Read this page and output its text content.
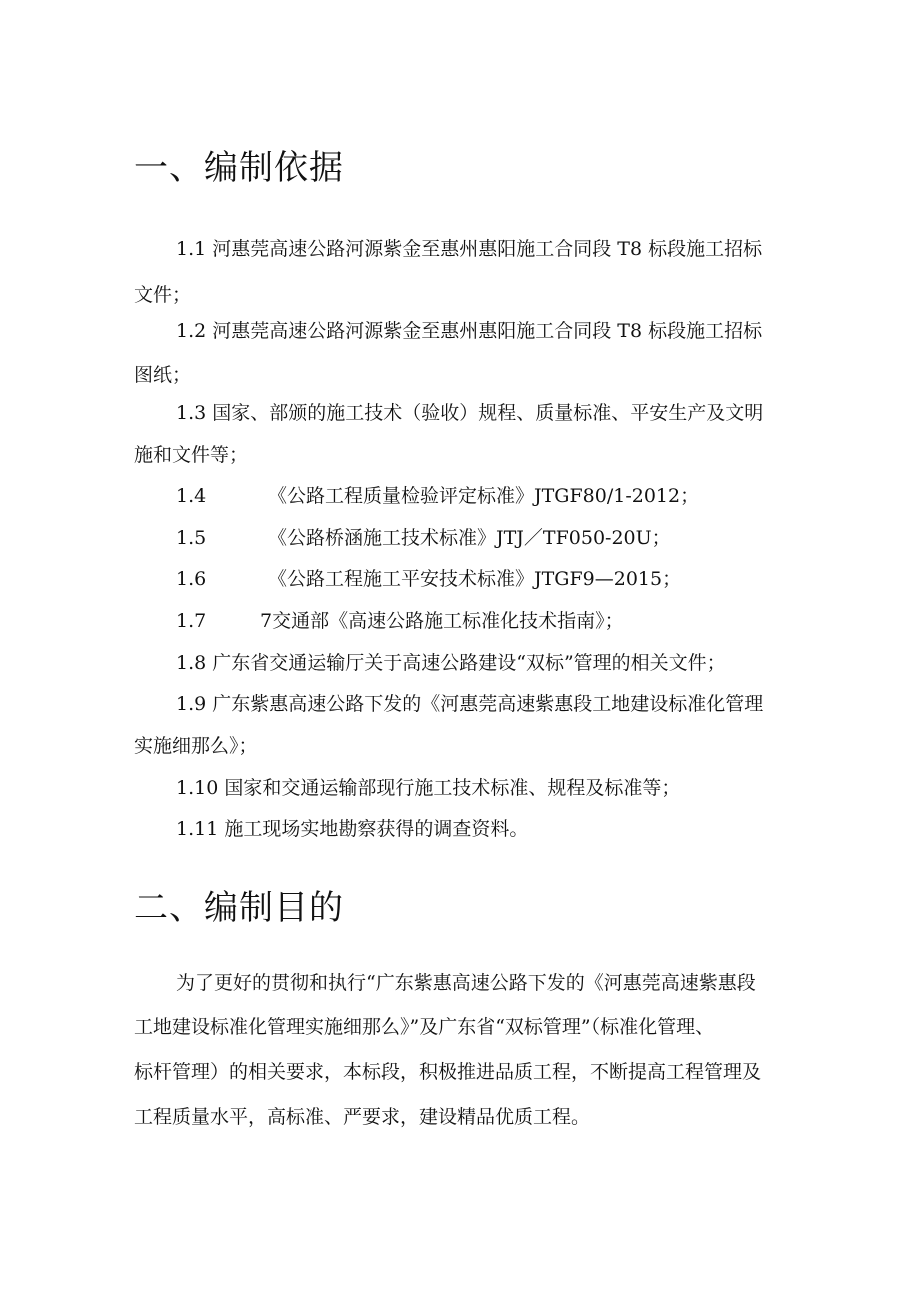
一、编制依据

1.1 河惠莞高速公路河源紫金至惠州惠阳施工合同段 T8 标段施工招标

文件；

1.2 河惠莞高速公路河源紫金至惠州惠阳施工合同段 T8 标段施工招标

图纸；

1.3 国家、部颁的施工技术（验收）规程、质量标准、平安生产及文明

施和文件等；

1.4	《公路工程质量检验评定标准》JTGF80/1-2012；

1.5	《公路桥涵施工技术标准》JTJ／TF050-20U；

1.6	《公路工程施工平安技术标准》JTGF9—2015；

1.7	7交通部《高速公路施工标准化技术指南》；

1.8 广东省交通运输厅关于高速公路建设“双标”管理的相关文件；

1.9 广东紫惠高速公路下发的《河惠莞高速紫惠段工地建设标准化管理

实施细那么》；

1.10 国家和交通运输部现行施工技术标准、规程及标准等；

1.11 施工现场实地勘察获得的调查资料。

二、编制目的

为了更好的贯彻和执行“广东紫惠高速公路下发的《河惠莞高速紫惠段

工地建设标准化管理实施细那么》”及广东省“双标管理”（标准化管理、

标杆管理）的相关要求，本标段，积极推进品质工程，不断提高工程管理及

工程质量水平，高标准、严要求，建设精品优质工程。
